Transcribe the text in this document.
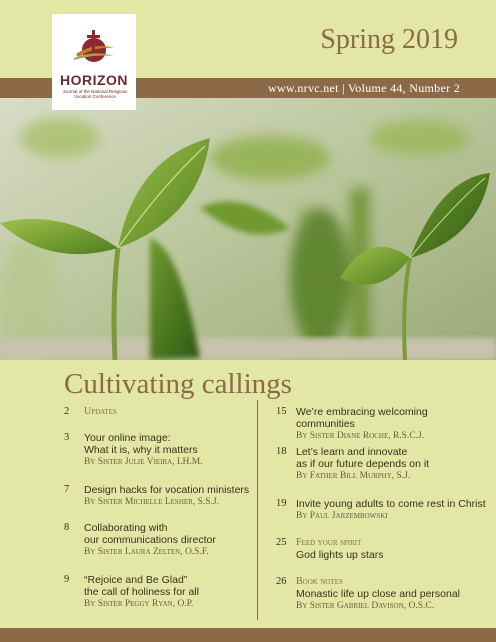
HORIZON
Journal of the National Religious Vocation Conference
Spring 2019
www.nrvc.net | Volume 44, Number 2
Cultivating callings
2 Updates
3 Your online image:
What it is, why it matters
By Sister Julie Vieira, I.H.M.
7 Design hacks for vocation ministers
By Sister Michelle Lesher, S.S.J.
8 Collaborating with
our communications director
By Sister Laura Zelten, O.S.F.
9 “Rejoice and Be Glad”
the call of holiness for all
By Sister Peggy Ryan, O.P.
15 We’re embracing welcoming communities
By Sister Diane Roche, R.S.C.J.
18 Let’s learn and innovate
as if our future depends on it
By Father Bill Murphy, S.J.
19 Invite young adults to come rest in Christ
By Paul Jarzembowski
25 Feed your spirit
God lights up stars
26 Book notes
Monastic life up close and personal
By Sister Gabriel Davison, O.S.C.
